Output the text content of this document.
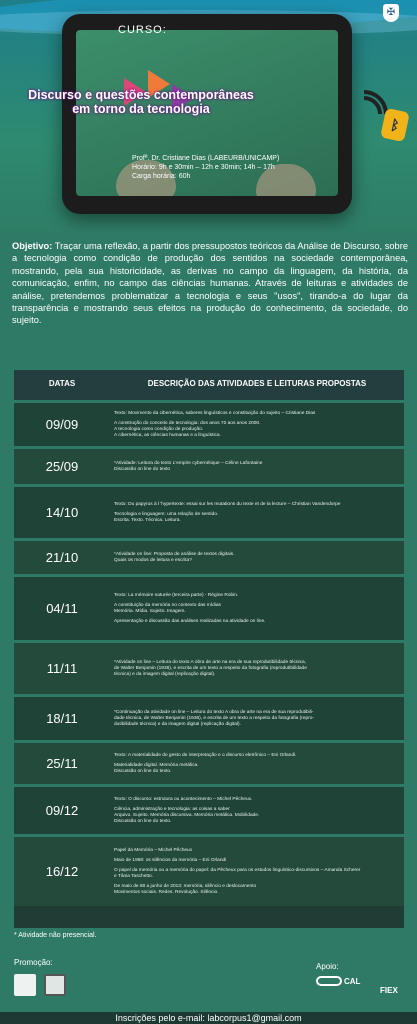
CURSO:
Discurso e questões contemporâneas
em torno da tecnologia
Profª. Dr. Cristiane Dias (LABEURB/UNICAMP)
Horário: 9h e 30min – 12h e 30min; 14h – 17h
Carga horária: 60h
ᛒ
✠

Objetivo: Traçar uma reflexão, a partir dos pressupostos teóricos da Análise de Discurso, sobre a tecnologia como condição de produção dos sentidos na sociedade contemporânea, mostrando, pela sua historicidade, as derivas no campo da linguagem, da história, da comunicação, enfim, no campo das ciências humanas. Através de leituras e atividades de análise, pretendemos problematizar a tecnologia e seus "usos", tirando-a do lugar da transparência e mostrando seus efeitos na produção do conhecimento, da sociedade, do sujeito.

DATAS	DESCRIÇÃO DAS ATIVIDADES E LEITURAS PROPOSTAS
09/09
Texto: Movimento da cibernética, saberes linguísticos e constituição do sujeito – Cristiane Dias
A construção do conceito de tecnologia: dos anos 70 aos anos 2000.
A tecnologia como condição de produção.
A cibernética, as ciências humanas e a linguística.
25/09	*Atividade: Leitura do texto L'empire cybernétique – Céline Lafontaine
Discussão on line do texto
14/10
Texto: Du papyrus à l 'hypertexte: essai sur les mutations du texte et de la lecture – Christian Vandendorpe
Tecnologia e linguagem: uma relação de sentido.
Escrita. Texto. Técnica. Leitura.
21/10	*Atividade on line: Proposta de análise de textos digitais.
Quais os modos de leitura e escrita?
04/11
Texto: La mémoire saturée (terceira parte) - Régine Robin.
A constituição da memória no contexto das mídias
Memória. Mídia. Sujeito. Imagem.
Apresentação e discussão das análises realizadas na atividade on line.
11/11	*Atividade on line – Leitura do texto A obra de arte na era de sua reprodutibilidade técnica,
de Walter Benjamin (1936), e escrita de um texto a respeito da fotografia (reprodutibilidade
técnica) e da imagem digital (replicação digital).
18/11	*Continuação da atividade on line – Leitura do texto A obra de arte na era de sua reprodutibili-
dade técnica, de Walter Benjamin (1936), e escrita de um texto a respeito da fotografia (repro-
dutibilidade técnica) e da imagem digital (replicação digital).
25/11
Texto: A materialidade do gesto de interpretação e o discurso eletrônico – Eni Orlandi.
Materialidade digital. Memória metálica.
Discussão on line do texto.
09/12
Texto: O discurso: estrutura ou acontecimento – Michel Pêcheux.
Ciência, administração e tecnologia: as coisas a saber
Arquivo. Sujeito. Memória discursiva. Memória metálica. Mobilidade.
Discussão on line do texto.
16/12
Papel da Memória – Michel Pêcheux
Maio de 1968: os silêncios da memória – Eni Orlandi
O papel da memória ou a memória do papel: da Pêcheux para os estudos linguístico-discursivos – Amanda Scherer
e Tânia Taschetto.
De maio de 68 a junho de 2013: memória, silêncio e deslocamento
Movimentos sociais. Redes. Revolução. Silêncio.
* Atividade não presencial.
Promoção:	Apoio:
CAL
FIEX
Inscrições pelo e-mail: labcorpus1@gmail.com
